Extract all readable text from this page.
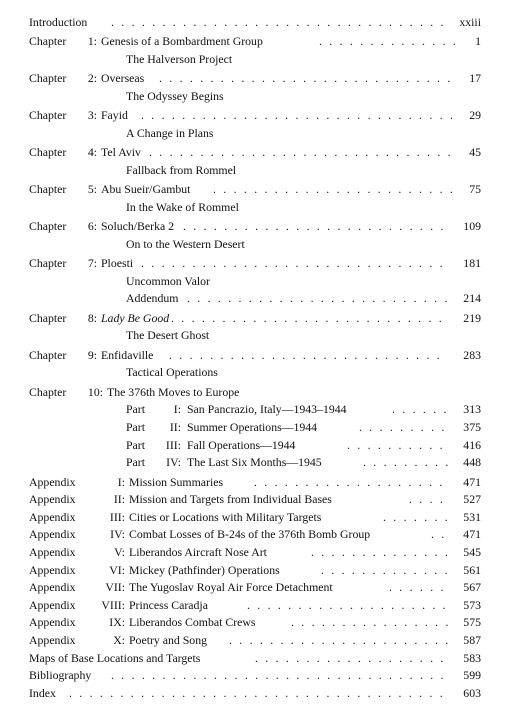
Introduction . . .	xxiii
Chapter 1: Genesis of a Bombardment Group . . .	1
The Halverson Project
Chapter 2: Overseas . . .	17
The Odyssey Begins
Chapter 3: Fayid . . .	29
A Change in Plans
Chapter 4: Tel Aviv . . .	45
Fallback from Rommel
Chapter 5: Abu Sueir/Gambut . . .	75
In the Wake of Rommel
Chapter 6: Soluch/Berka 2 . . .	109
On to the Western Desert
Chapter 7: Ploesti . . .	181
Uncommon Valor
Addendum . . .	214
Chapter 8: Lady Be Good . . .	219
The Desert Ghost
Chapter 9: Enfidaville . . .	283
Tactical Operations
Chapter 10: The 376th Moves to Europe
Part I: San Pancrazio, Italy—1943–1944 . . .	313
Part II: Summer Operations—1944 . . .	375
Part III: Fall Operations—1944 . . .	416
Part IV: The Last Six Months—1945 . . .	448
Appendix	I: Mission Summaries . . .	471
Appendix	II: Mission and Targets from Individual Bases . . .	527
Appendix	III: Cities or Locations with Military Targets . . .	531
Appendix	IV: Combat Losses of B-24s of the 376th Bomb Group . . .	471
Appendix	V: Liberandos Aircraft Nose Art . . .	545
Appendix	VI: Mickey (Pathfinder) Operations . . .	561
Appendix	VII: The Yugoslav Royal Air Force Detachment . . .	567
Appendix VIII: Princess Caradja . . .	573
Appendix	IX: Liberandos Combat Crews . . .	575
Appendix	X: Poetry and Song . . .	587
Maps of Base Locations and Targets . . .	583
Bibliography . . .	599
Index . . .	603
